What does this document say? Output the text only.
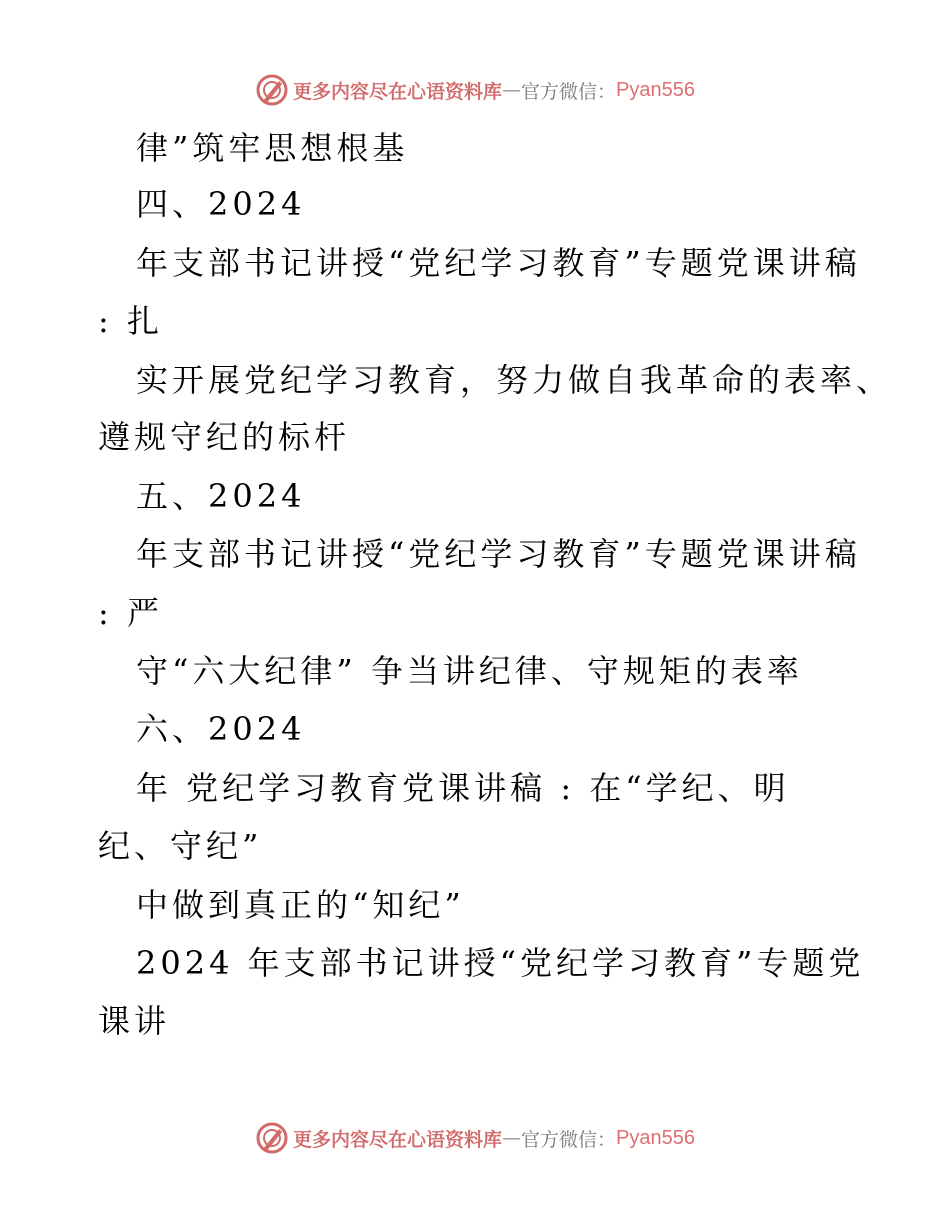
更多内容尽在心语资料库 — 官方微信： Pyan556
律”筑牢思想根基
四、2024
年支部书记讲授“党纪学习教育”专题党课讲稿
: 扎
实开展党纪学习教育，努力做自我革命的表率、
遵规守纪的标杆
五、2024
年支部书记讲授“党纪学习教育”专题党课讲稿
: 严
守“六大纪律” 争当讲纪律、守规矩的表率
六、2024
年 党纪学习教育党课讲稿 : 在“学纪、明
纪、守纪”
中做到真正的“知纪”
2024 年支部书记讲授“党纪学习教育”专题党
课讲
更多内容尽在心语资料库 — 官方微信： Pyan556
